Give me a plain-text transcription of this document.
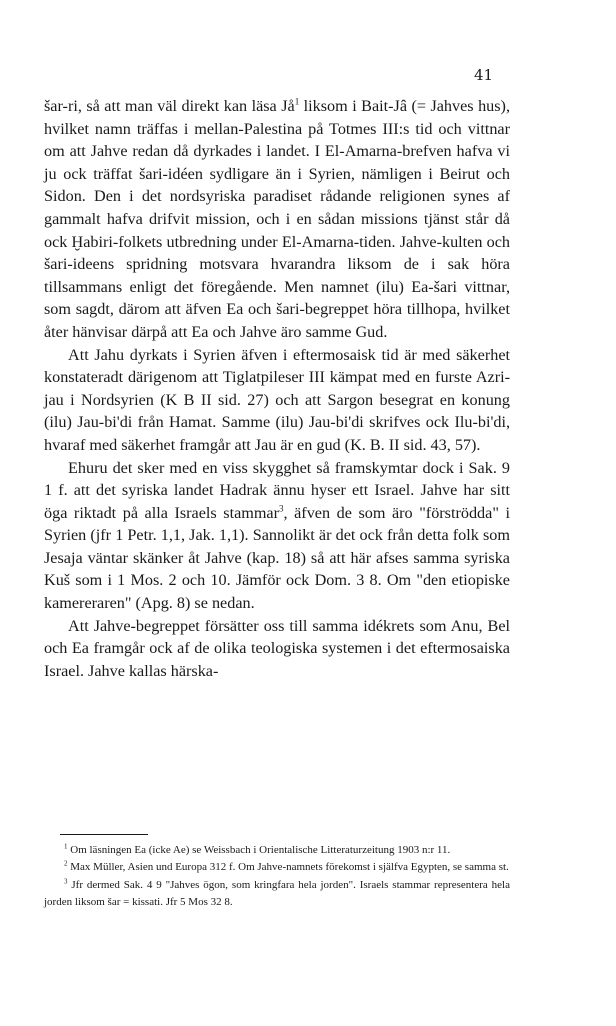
41

šar-ri, så att man väl direkt kan läsa $Jå^1$ liksom i Bait-Jâ (= Jahves hus), hvilket namn träffas i mellan-Palestina på Totmes III:s tid och vittnar om att Jahve redan då dyrkades i landet. I El-Amarna-brefven hafva vi ju ock träffat šari-idéen sydligare än i Syrien, nämligen i Beirut och Sidon. Den i det nordsyriska paradiset rådande religionen synes af gammalt hafva drifvit mission, och i en sådan missions tjänst står då ock Ḫabiri-folkets utbredning under El-Amarna-tiden. Jahve-kulten och šari-ideens spridning motsvara hvarandra liksom de i sak höra tillsammans enligt det föregående. Men namnet (ilu) Ea-šari vittnar, som sagdt, därom att äfven Ea och šari-begreppet höra tillhopa, hvilket åter hänvisar därpå att Ea och Jahve äro samme Gud.

Att Jahu dyrkats i Syrien äfven i eftermosaisk tid är med säkerhet konstateradt därigenom att Tiglatpileser III kämpat med en furste Azri-jau i Nordsyrien (K B II sid. 27) och att Sargon besegrat en konung (ilu) Jau-bi'di från Hamat. Samme (ilu) Jau-bi'di skrifves ock Ilu-bi'di, hvaraf med säkerhet framgår att Jau är en gud (K. B. II sid. 43, 57).

Ehuru det sker med en viss skygghet så framskymtar dock i Sak. 9 1 f. att det syriska landet Hadrak ännu hyser ett Israel. Jahve har sitt öga riktadt på alla Israels stammar$^3$, äfven de som äro "förströdda" i Syrien (jfr 1 Petr. 1,1, Jak. 1,1). Sannolikt är det ock från detta folk som Jesaja väntar skänker åt Jahve (kap. 18) så att här afses samma syriska Kuš som i 1 Mos. 2 och 10. Jämför ock Dom. 3 8. Om "den etiopiske kamereraren" (Apg. 8) se nedan.

Att Jahve-begreppet försätter oss till samma idékrets som Anu, Bel och Ea framgår ock af de olika teologiska systemen i det eftermosaiska Israel. Jahve kallas härska-

$^1$ Om läsningen Ea (icke Ae) se Weissbach i Orientalische Litteraturzeitung 1903 n:r 11.

$^2$ Max Müller, Asien und Europa 312 f. Om Jahve-namnets förekomst i själfva Egypten, se samma st.

$^3$ Jfr dermed Sak. 4 9 "Jahves ögon, som kringfara hela jorden". Israels stammar representera hela jorden liksom šar = kissati. Jfr 5 Mos 32 8.
